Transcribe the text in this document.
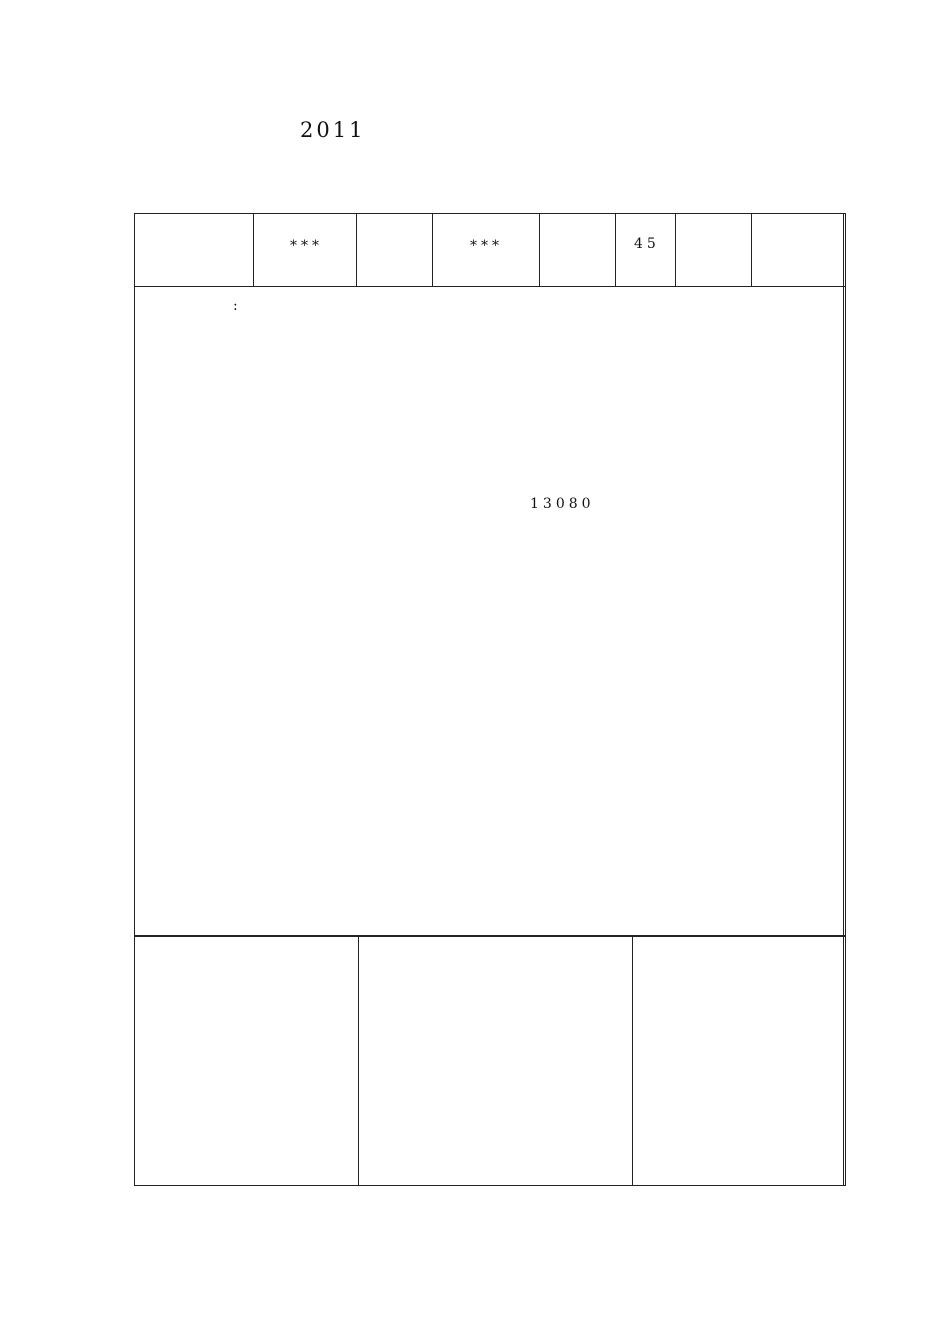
2011
***	***	45
:
13080
